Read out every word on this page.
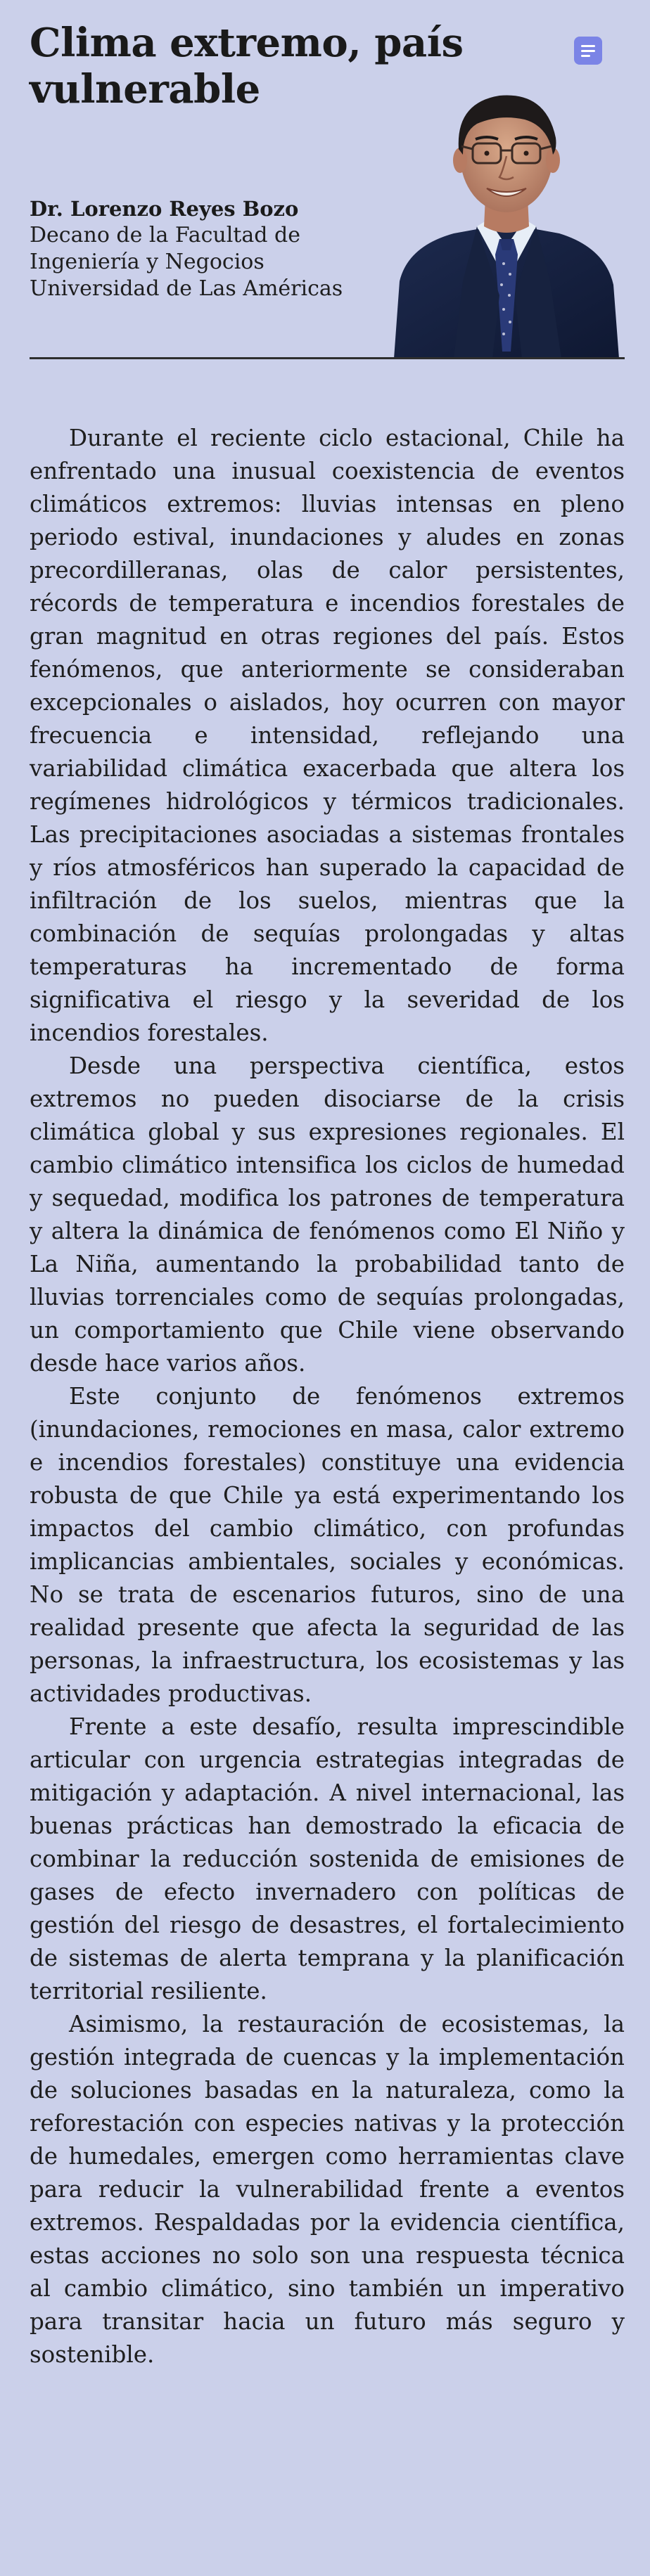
Clima extremo, país vulnerable
Dr. Lorenzo Reyes Bozo
Decano de la Facultad de
Ingeniería y Negocios
Universidad de Las Américas

Durante el reciente ciclo estacional, Chile ha enfrentado una inusual coexistencia de eventos climáticos extremos: lluvias intensas en pleno periodo estival, inundaciones y aludes en zonas precordilleranas, olas de calor persistentes, récords de temperatura e incendios forestales de gran magnitud en otras regiones del país. Estos fenómenos, que anteriormente se consideraban excepcionales o aislados, hoy ocurren con mayor frecuencia e intensidad, reflejando una variabilidad climática exacerbada que altera los regímenes hidrológicos y térmicos tradicionales. Las precipitaciones asociadas a sistemas frontales y ríos atmosféricos han superado la capacidad de infiltración de los suelos, mientras que la combinación de sequías prolongadas y altas temperaturas ha incrementado de forma significativa el riesgo y la severidad de los incendios forestales.

Desde una perspectiva científica, estos extremos no pueden disociarse de la crisis climática global y sus expresiones regionales. El cambio climático intensifica los ciclos de humedad y sequedad, modifica los patrones de temperatura y altera la dinámica de fenómenos como El Niño y La Niña, aumentando la probabilidad tanto de lluvias torrenciales como de sequías prolongadas, un comportamiento que Chile viene observando desde hace varios años.

Este conjunto de fenómenos extremos (inundaciones, remociones en masa, calor extremo e incendios forestales) constituye una evidencia robusta de que Chile ya está experimentando los impactos del cambio climático, con profundas implicancias ambientales, sociales y económicas. No se trata de escenarios futuros, sino de una realidad presente que afecta la seguridad de las personas, la infraestructura, los ecosistemas y las actividades productivas.

Frente a este desafío, resulta imprescindible articular con urgencia estrategias integradas de mitigación y adaptación. A nivel internacional, las buenas prácticas han demostrado la eficacia de combinar la reducción sostenida de emisiones de gases de efecto invernadero con políticas de gestión del riesgo de desastres, el fortalecimiento de sistemas de alerta temprana y la planificación territorial resiliente.

Asimismo, la restauración de ecosistemas, la gestión integrada de cuencas y la implementación de soluciones basadas en la naturaleza, como la reforestación con especies nativas y la protección de humedales, emergen como herramientas clave para reducir la vulnerabilidad frente a eventos extremos. Respaldadas por la evidencia científica, estas acciones no solo son una respuesta técnica al cambio climático, sino también un imperativo para transitar hacia un futuro más seguro y sostenible.
